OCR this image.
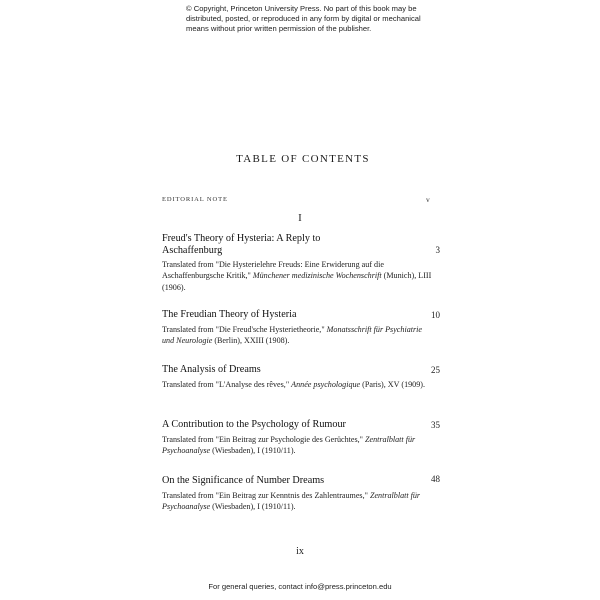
© Copyright, Princeton University Press. No part of this book may be
distributed, posted, or reproduced in any form by digital or mechanical
means without prior written permission of the publisher.
TABLE OF CONTENTS
EDITORIAL NOTE	v
I
Freud's Theory of Hysteria: A Reply to
Aschaffenburg	3
Translated from "Die Hysterielehre Freuds: Eine Erwiderung auf die Aschaffenburgsche Kritik," Münchener medizinische Wochenschrift (Munich), LIII (1906).
The Freudian Theory of Hysteria	10
Translated from "Die Freud'sche Hysterietheorie," Monatsschrift für Psychiatrie und Neurologie (Berlin), XXIII (1908).
The Analysis of Dreams	25
Translated from "L'Analyse des rêves," Année psychologique (Paris), XV (1909).
A Contribution to the Psychology of Rumour	35
Translated from "Ein Beitrag zur Psychologie des Gerüchtes," Zentralblatt für Psychoanalyse (Wiesbaden), I (1910/11).
On the Significance of Number Dreams	48
Translated from "Ein Beitrag zur Kenntnis des Zahlentraumes," Zentralblatt für Psychoanalyse (Wiesbaden), I (1910/11).
ix
For general queries, contact info@press.princeton.edu
